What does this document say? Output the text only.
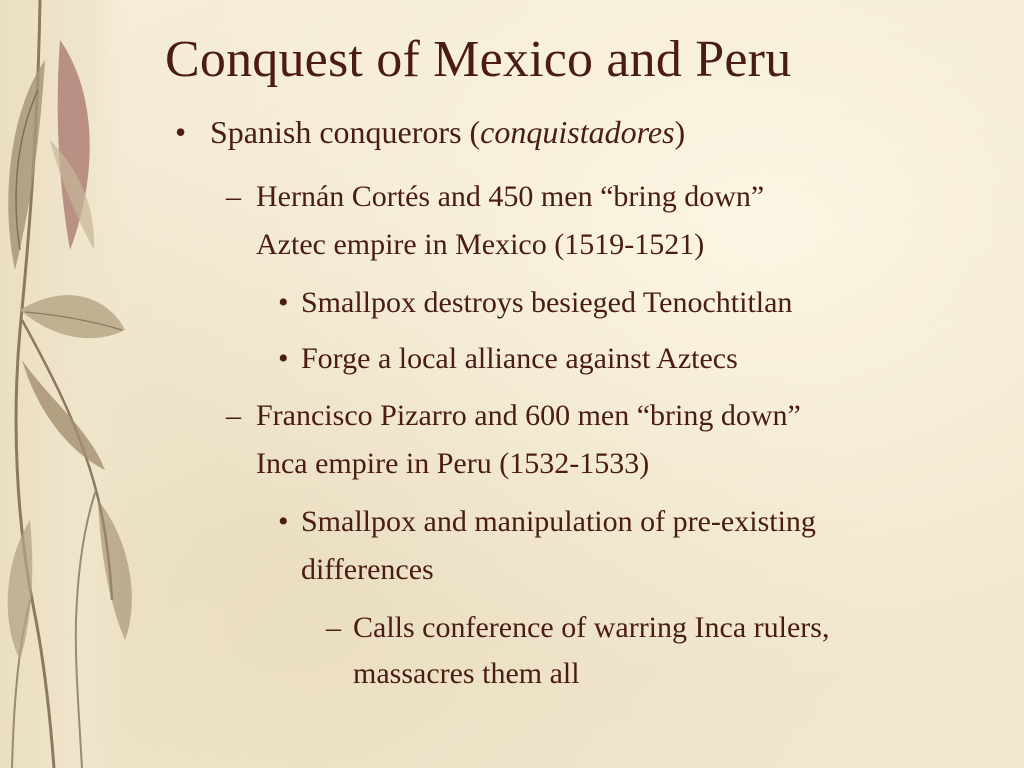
Conquest of Mexico and Peru
• Spanish conquerors (conquistadores)
– Hernán Cortés and 450 men “bring down”
Aztec empire in Mexico (1519-1521)
• Smallpox destroys besieged Tenochtitlan
• Forge a local alliance against Aztecs
– Francisco Pizarro and 600 men “bring down”
Inca empire in Peru (1532-1533)
• Smallpox and manipulation of pre-existing
differences
– Calls conference of warring Inca rulers,
massacres them all
